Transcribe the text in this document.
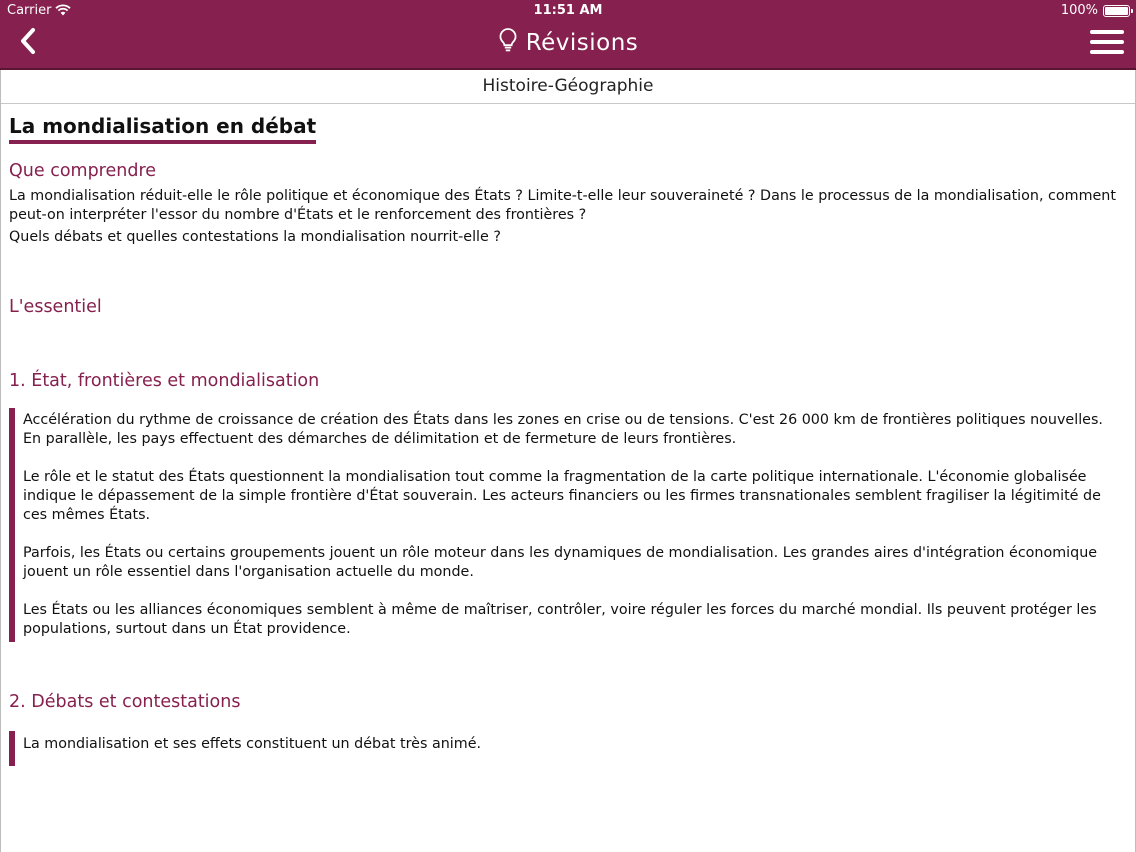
Carrier	11:51 AM	100%
Révisions
Histoire-Géographie
La mondialisation en débat
Que comprendre

La mondialisation réduit-elle le rôle politique et économique des États ? Limite-t-elle leur souveraineté ? Dans le processus de la mondialisation, comment peut-on interpréter l'essor du nombre d'États et le renforcement des frontières ?

Quels débats et quelles contestations la mondialisation nourrit-elle ?

L'essentiel
1. État, frontières et mondialisation

Accélération du rythme de croissance de création des États dans les zones en crise ou de tensions. C'est 26 000 km de frontières politiques nouvelles. En parallèle, les pays effectuent des démarches de délimitation et de fermeture de leurs frontières.

Le rôle et le statut des États questionnent la mondialisation tout comme la fragmentation de la carte politique internationale. L'économie globalisée indique le dépassement de la simple frontière d'État souverain. Les acteurs financiers ou les firmes transnationales semblent fragiliser la légitimité de ces mêmes États.

Parfois, les États ou certains groupements jouent un rôle moteur dans les dynamiques de mondialisation. Les grandes aires d'intégration économique jouent un rôle essentiel dans l'organisation actuelle du monde.

Les États ou les alliances économiques semblent à même de maîtriser, contrôler, voire réguler les forces du marché mondial. Ils peuvent protéger les populations, surtout dans un État providence.

2. Débats et contestations

La mondialisation et ses effets constituent un débat très animé.
